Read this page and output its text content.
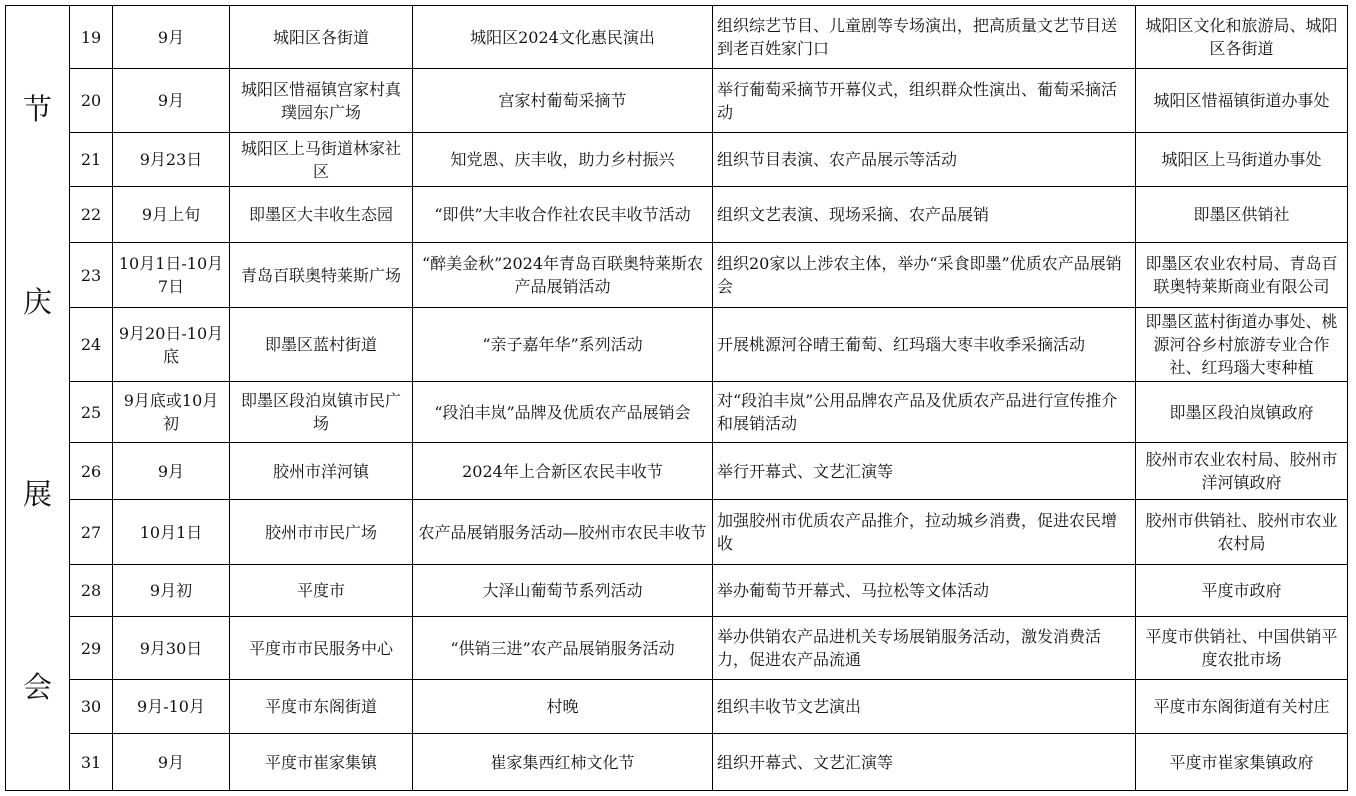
节
庆
展
会	19	9月	城阳区各街道	城阳区2024文化惠民演出	组织综艺节目、儿童剧等专场演出，把高质量文艺节目送到老百姓家门口	城阳区文化和旅游局、城阳区各街道
	20	9月	城阳区惜福镇宫家村真璞园东广场	宫家村葡萄采摘节	举行葡萄采摘节开幕仪式，组织群众性演出、葡萄采摘活动	城阳区惜福镇街道办事处
	21	9月23日	城阳区上马街道林家社区	知党恩、庆丰收，助力乡村振兴	组织节目表演、农产品展示等活动	城阳区上马街道办事处
	22	9月上旬	即墨区大丰收生态园	“即供”大丰收合作社农民丰收节活动	组织文艺表演、现场采摘、农产品展销	即墨区供销社
	23	10月1日-10月7日	青岛百联奥特莱斯广场	“醉美金秋”2024年青岛百联奥特莱斯农产品展销活动	组织20家以上涉农主体，举办“采食即墨”优质农产品展销会	即墨区农业农村局、青岛百联奥特莱斯商业有限公司
	24	9月20日-10月底	即墨区蓝村街道	“亲子嘉年华”系列活动	开展桃源河谷晴王葡萄、红玛瑙大枣丰收季采摘活动	即墨区蓝村街道办事处、桃源河谷乡村旅游专业合作社、红玛瑙大枣种植
	25	9月底或10月初	即墨区段泊岚镇市民广场	“段泊丰岚”品牌及优质农产品展销会	对“段泊丰岚”公用品牌农产品及优质农产品进行宣传推介和展销活动	即墨区段泊岚镇政府
	26	9月	胶州市洋河镇	2024年上合新区农民丰收节	举行开幕式、文艺汇演等	胶州市农业农村局、胶州市洋河镇政府
	27	10月1日	胶州市市民广场	农产品展销服务活动—胶州市农民丰收节	加强胶州市优质农产品推介，拉动城乡消费，促进农民增收	胶州市供销社、胶州市农业农村局
	28	9月初	平度市	大泽山葡萄节系列活动	举办葡萄节开幕式、马拉松等文体活动	平度市政府
	29	9月30日	平度市市民服务中心	“供销三进”农产品展销服务活动	举办供销农产品进机关专场展销服务活动，激发消费活力，促进农产品流通	平度市供销社、中国供销平度农批市场
	30	9月-10月	平度市东阁街道	村晚	组织丰收节文艺演出	平度市东阁街道有关村庄
	31	9月	平度市崔家集镇	崔家集西红柿文化节	组织开幕式、文艺汇演等	平度市崔家集镇政府
